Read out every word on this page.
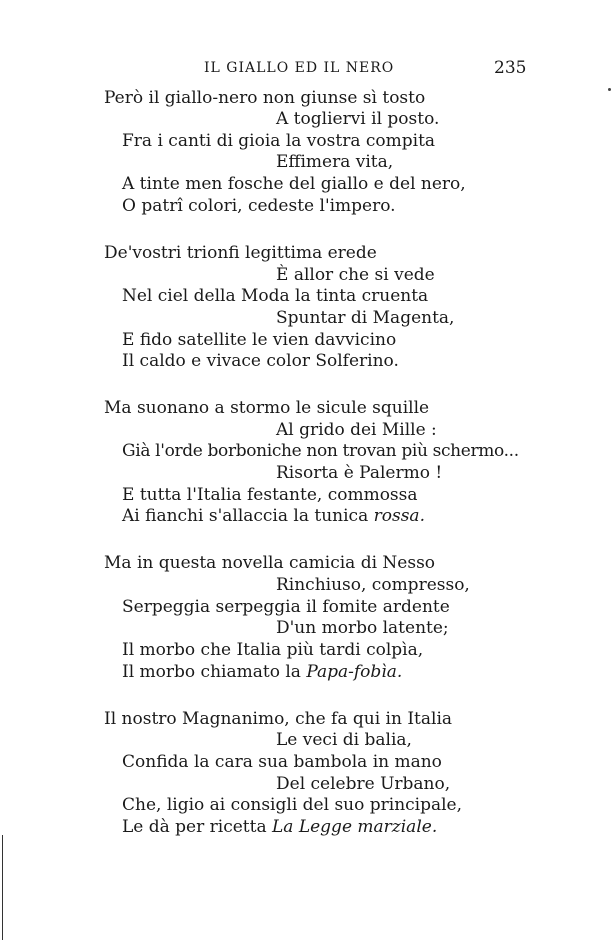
IL GIALLO ED IL NERO	235
Però il giallo-nero non giunse sì tosto
A togliervi il posto.
Fra i canti di gioia la vostra compita
Effimera vita,
A tinte men fosche del giallo e del nero,
O patrî colori, cedeste l'impero.
De'vostri trionfi legittima erede
È allor che si vede
Nel ciel della Moda la tinta cruenta
Spuntar di Magenta,
E fido satellite le vien davvicino
Il caldo e vivace color Solferino.
Ma suonano a stormo le sicule squille
Al grido dei Mille :
Già l'orde borboniche non trovan più schermo...
Risorta è Palermo !
E tutta l'Italia festante, commossa
Ai fianchi s'allaccia la tunica rossa.
Ma in questa novella camicia di Nesso
Rinchiuso, compresso,
Serpeggia serpeggia il fomite ardente
D'un morbo latente;
Il morbo che Italia più tardi colpìa,
Il morbo chiamato la Papa-fobìa.
Il nostro Magnanimo, che fa qui in Italia
Le veci di balia,
Confida la cara sua bambola in mano
Del celebre Urbano,
Che, ligio ai consigli del suo principale,
Le dà per ricetta La Legge marziale.
